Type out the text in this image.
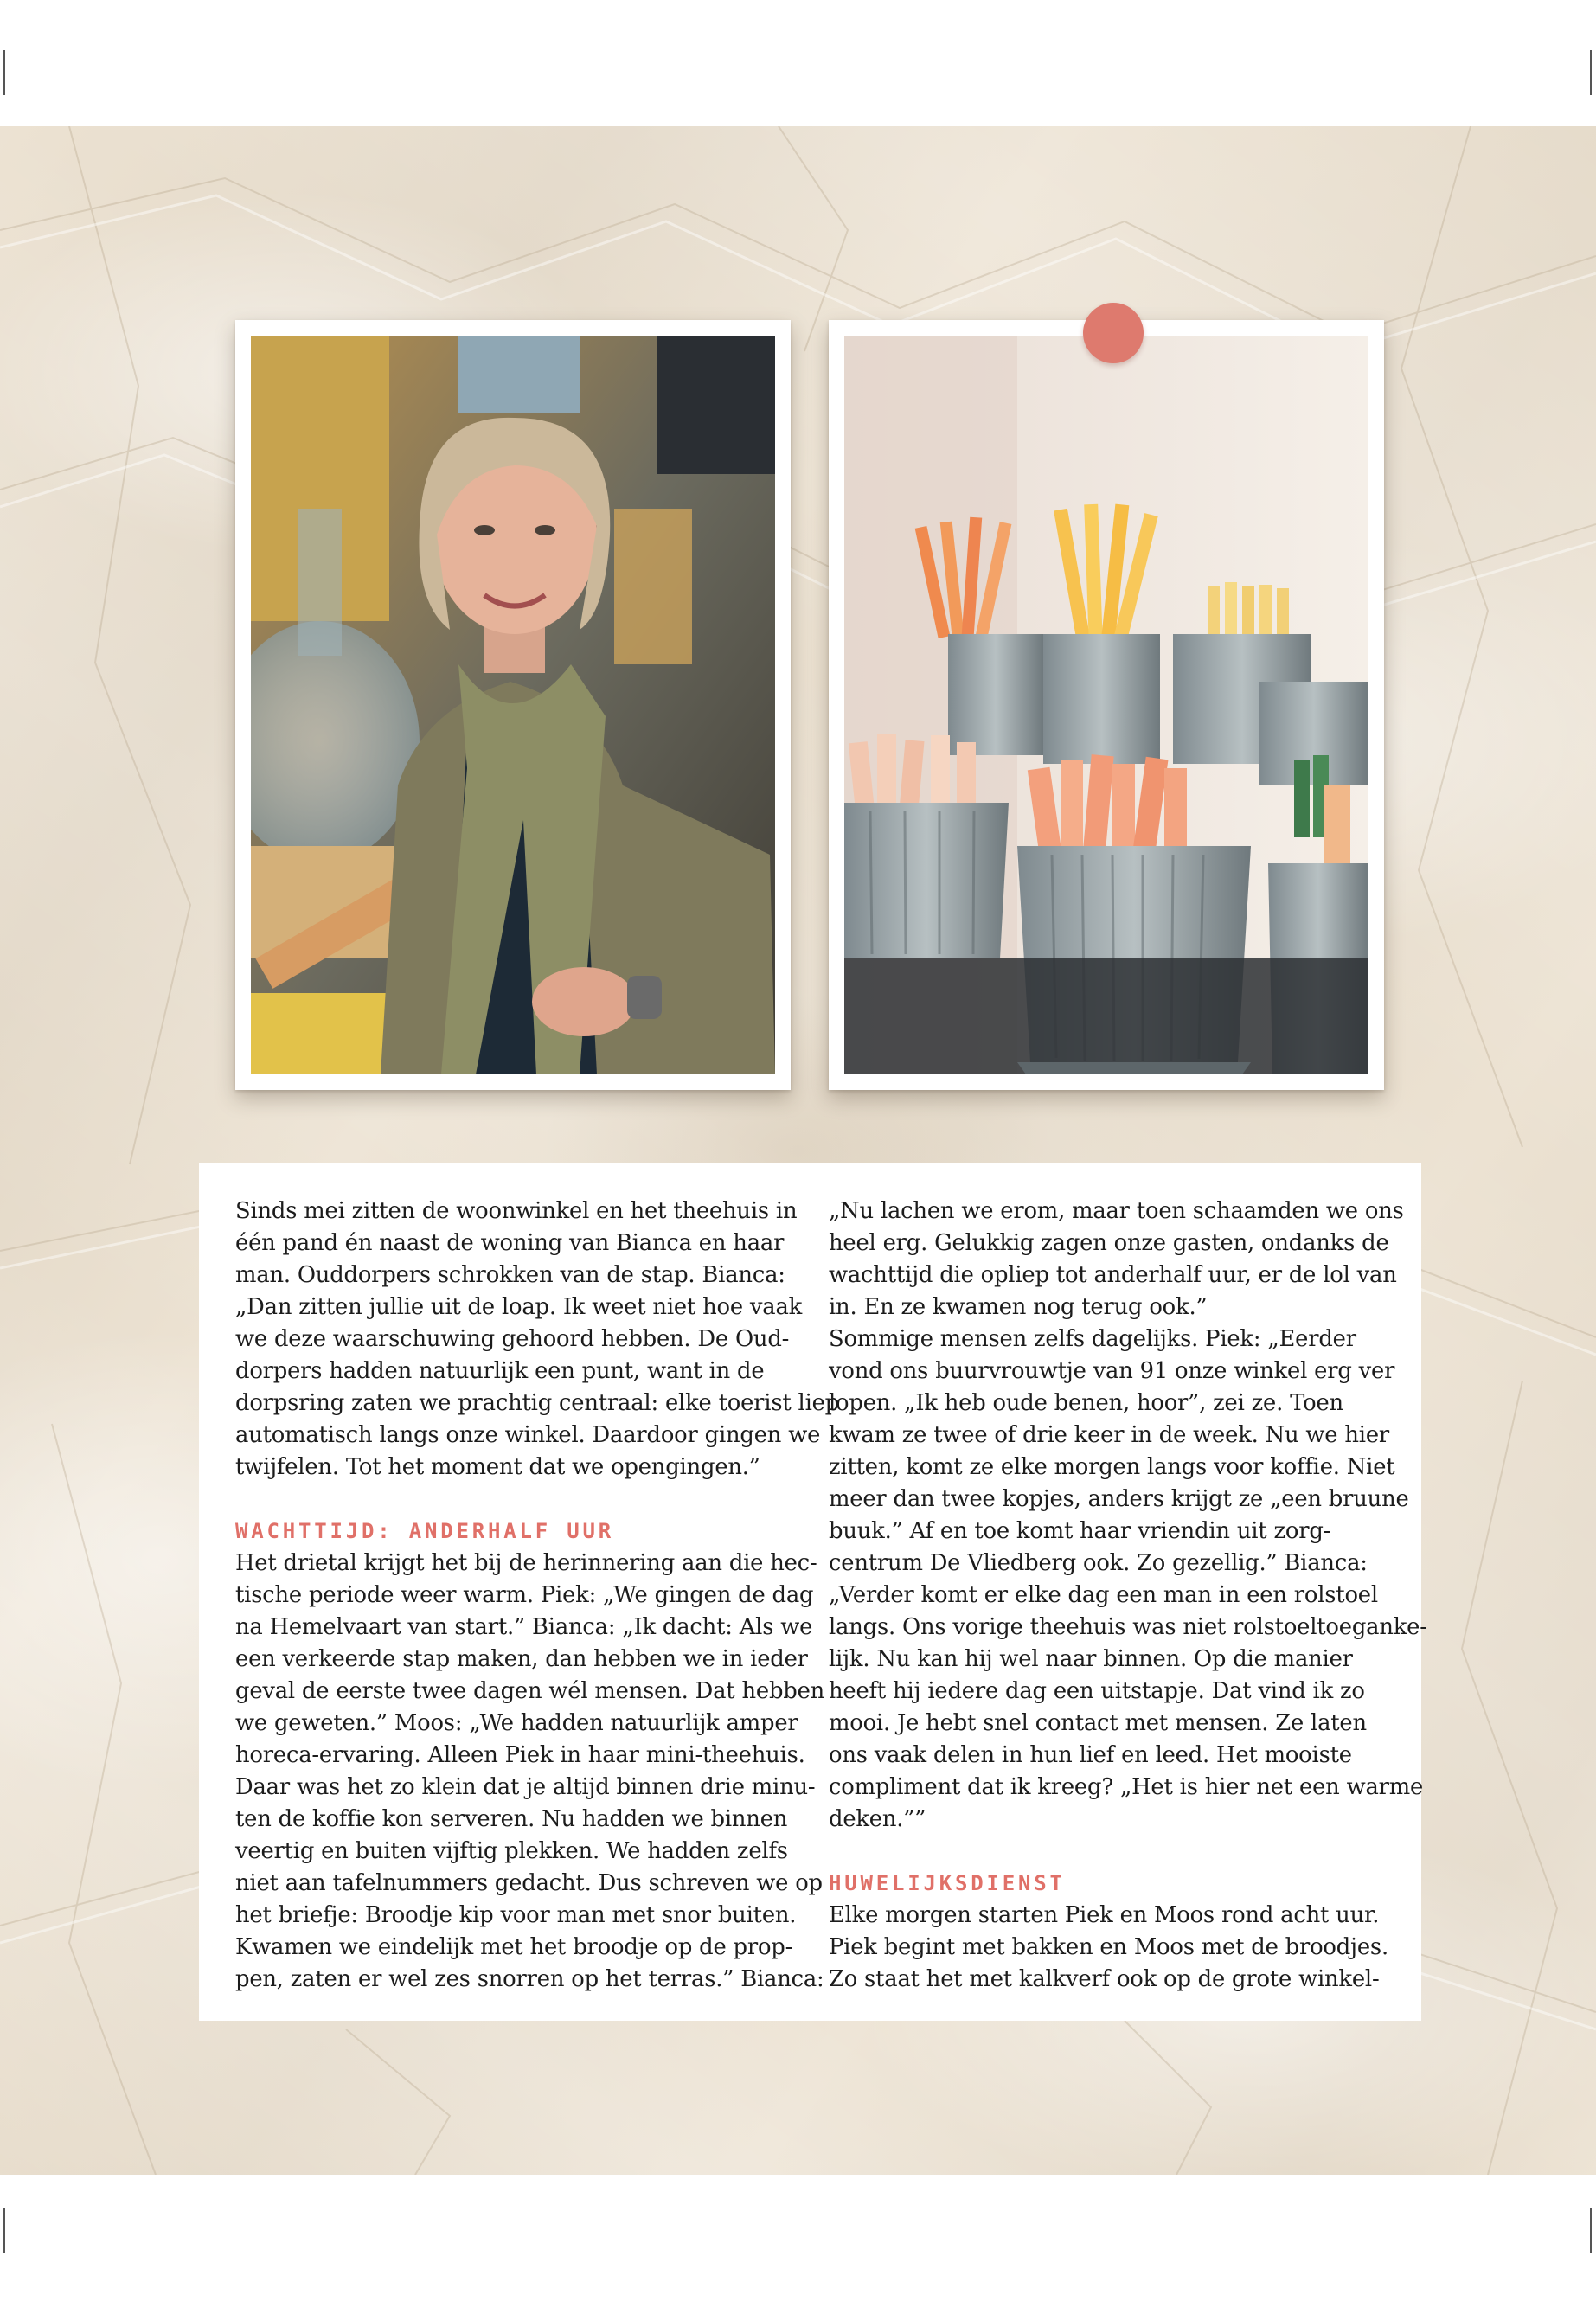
Sinds mei zitten de woonwinkel en het theehuis in
één pand én naast de woning van Bianca en haar
man. Ouddorpers schrokken van de stap. Bianca:
„Dan zitten jullie uit de loap. Ik weet niet hoe vaak
we deze waarschuwing gehoord hebben. De Oud-
dorpers hadden natuurlijk een punt, want in de
dorpsring zaten we prachtig centraal: elke toerist liep
automatisch langs onze winkel. Daardoor gingen we
twijfelen. Tot het moment dat we opengingen.”
WACHTTIJD: ANDERHALF UUR
Het drietal krijgt het bij de herinnering aan die hec-
tische periode weer warm. Piek: „We gingen de dag
na Hemelvaart van start.” Bianca: „Ik dacht: Als we
een verkeerde stap maken, dan hebben we in ieder
geval de eerste twee dagen wél mensen. Dat hebben
we geweten.” Moos: „We hadden natuurlijk amper
horeca-ervaring. Alleen Piek in haar mini-theehuis.
Daar was het zo klein dat je altijd binnen drie minu-
ten de koffie kon serveren. Nu hadden we binnen
veertig en buiten vijftig plekken. We hadden zelfs
niet aan tafelnummers gedacht. Dus schreven we op
het briefje: Broodje kip voor man met snor buiten.
Kwamen we eindelijk met het broodje op de prop-
pen, zaten er wel zes snorren op het terras.” Bianca:
„Nu lachen we erom, maar toen schaamden we ons
heel erg. Gelukkig zagen onze gasten, ondanks de
wachttijd die opliep tot anderhalf uur, er de lol van
in. En ze kwamen nog terug ook.”
Sommige mensen zelfs dagelijks. Piek: „Eerder
vond ons buurvrouwtje van 91 onze winkel erg ver
lopen. „Ik heb oude benen, hoor”, zei ze. Toen
kwam ze twee of drie keer in de week. Nu we hier
zitten, komt ze elke morgen langs voor koffie. Niet
meer dan twee kopjes, anders krijgt ze „een bruune
buuk.” Af en toe komt haar vriendin uit zorg-
centrum De Vliedberg ook. Zo gezellig.” Bianca:
„Verder komt er elke dag een man in een rolstoel
langs. Ons vorige theehuis was niet rolstoeltoeganke-
lijk. Nu kan hij wel naar binnen. Op die manier
heeft hij iedere dag een uitstapje. Dat vind ik zo
mooi. Je hebt snel contact met mensen. Ze laten
ons vaak delen in hun lief en leed. Het mooiste
compliment dat ik kreeg? „Het is hier net een warme
deken.””
HUWELIJKSDIENST
Elke morgen starten Piek en Moos rond acht uur.
Piek begint met bakken en Moos met de broodjes.
Zo staat het met kalkverf ook op de grote winkel-
